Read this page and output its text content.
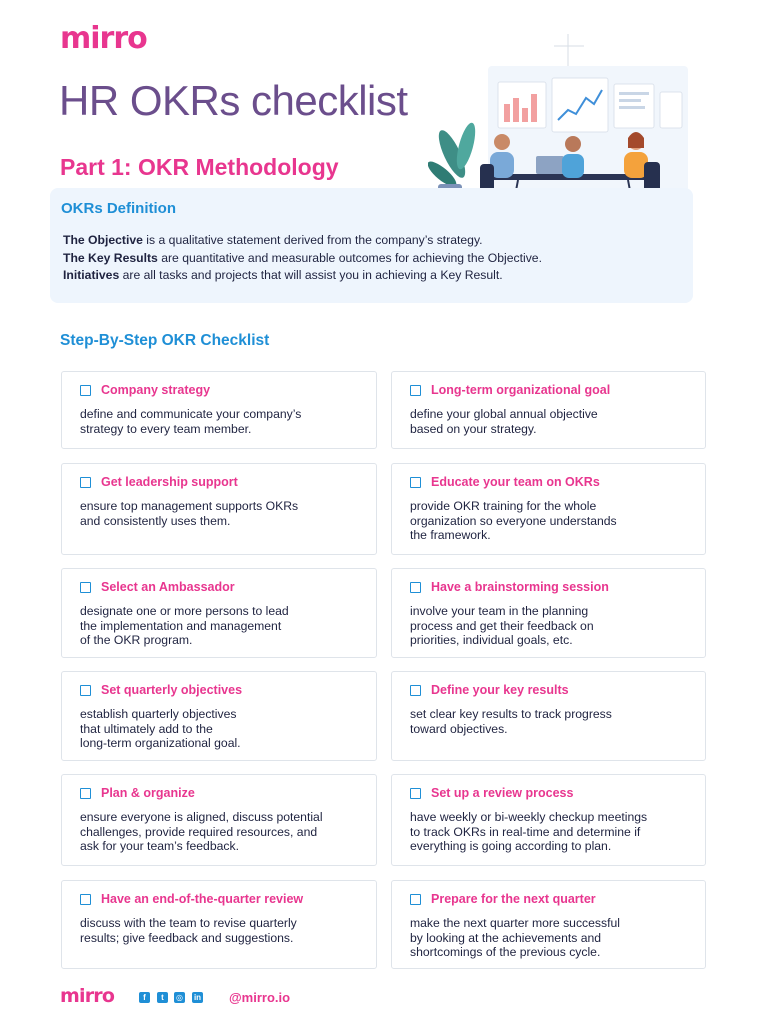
mirro
HR OKRs checklist
Part 1: OKR Methodology
OKRs Definition
The Objective is a qualitative statement derived from the company’s strategy.
The Key Results are quantitative and measurable outcomes for achieving the Objective.
Initiatives are all tasks and projects that will assist you in achieving a Key Result.
Step-By-Step OKR Checklist
Company strategy
define and communicate your company’s
strategy to every team member.
Long-term organizational goal
define your global annual objective
based on your strategy.
Get leadership support
ensure top management supports OKRs
and consistently uses them.
Educate your team on OKRs
provide OKR training for the whole
organization so everyone understands
the framework.
Select an Ambassador
designate one or more persons to lead
the implementation and management
of the OKR program.
Have a brainstorming session
involve your team in the planning
process and get their feedback on
priorities, individual goals, etc.
Set quarterly objectives
establish quarterly objectives
that ultimately add to the
long-term organizational goal.
Define your key results
set clear key results to track progress
toward objectives.
Plan & organize
ensure everyone is aligned, discuss potential
challenges, provide required resources, and
ask for your team’s feedback.
Set up a review process
have weekly or bi-weekly checkup meetings
to track OKRs in real-time and determine if
everything is going according to plan.
Have an end-of-the-quarter review
discuss with the team to revise quarterly
results; give feedback and suggestions.
Prepare for the next quarter
make the next quarter more successful
by looking at the achievements and
shortcomings of the previous cycle.
mirro	f	t	◎ in @mirro.io
